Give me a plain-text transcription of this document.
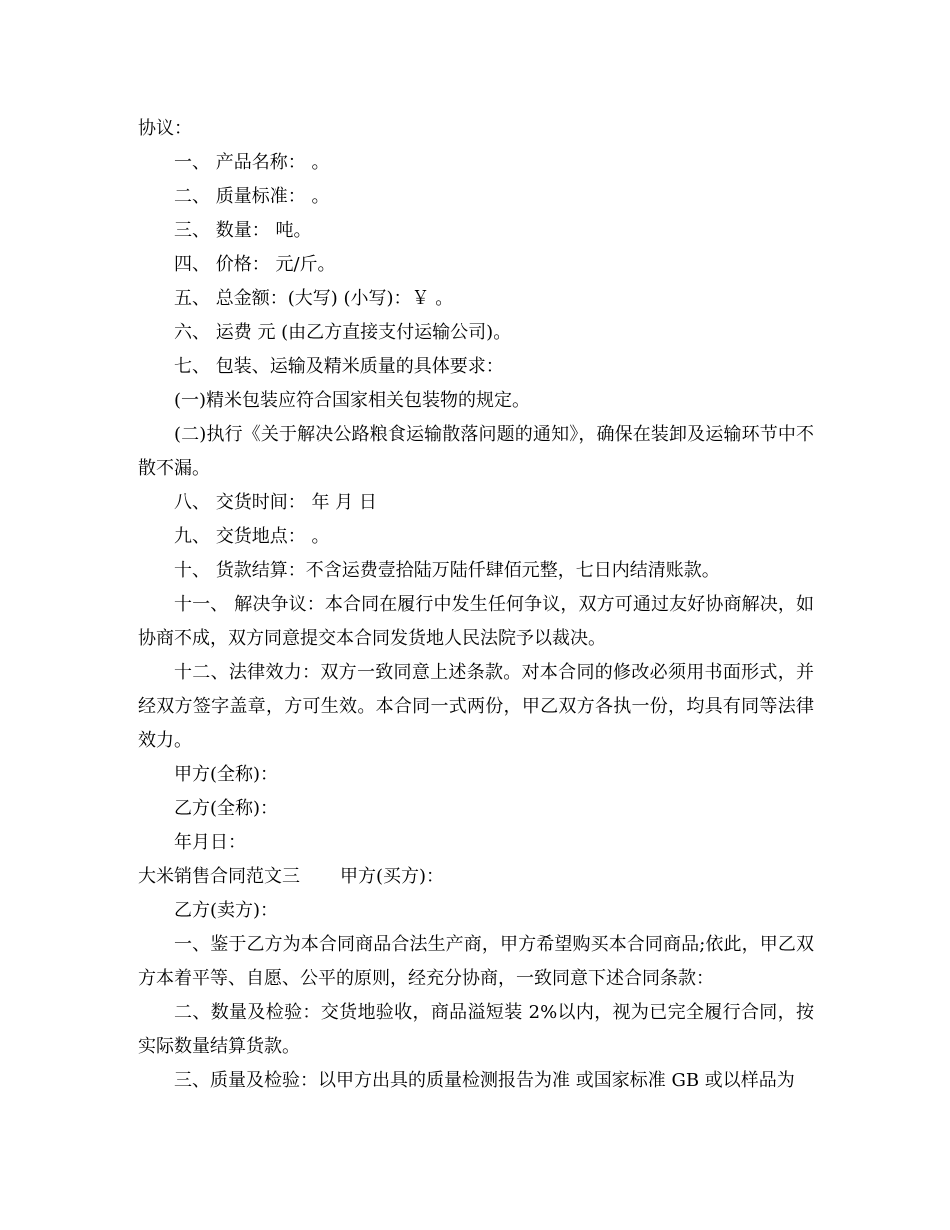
协议：
一、 产品名称： 。
二、 质量标准： 。
三、 数量： 吨。
四、 价格： 元/斤。
五、 总金额：(大写) (小写)：￥ 。
六、 运费 元 (由乙方直接支付运输公司)。
七、 包装、运输及精米质量的具体要求：
(一)精米包装应符合国家相关包装物的规定。
(二)执行《关于解决公路粮食运输散落问题的通知》，确保在装卸及运输环节中不散不漏。
八、 交货时间： 年 月 日
九、 交货地点： 。
十、 货款结算：不含运费壹拾陆万陆仟肆佰元整，七日内结清账款。
十一、 解决争议：本合同在履行中发生任何争议，双方可通过友好协商解决，如协商不成，双方同意提交本合同发货地人民法院予以裁决。
十二、法律效力：双方一致同意上述条款。对本合同的修改必须用书面形式，并经双方签字盖章，方可生效。本合同一式两份，甲乙双方各执一份，均具有同等法律效力。
甲方(全称)：
乙方(全称)：
年月日：
大米销售合同范文三 甲方(买方)：
乙方(卖方)：
一、鉴于乙方为本合同商品合法生产商，甲方希望购买本合同商品;依此，甲乙双方本着平等、自愿、公平的原则，经充分协商，一致同意下述合同条款：
二、数量及检验：交货地验收，商品溢短装 2%以内，视为已完全履行合同，按实际数量结算货款。
三、质量及检验：以甲方出具的质量检测报告为准 或国家标准 GB 或以样品为
